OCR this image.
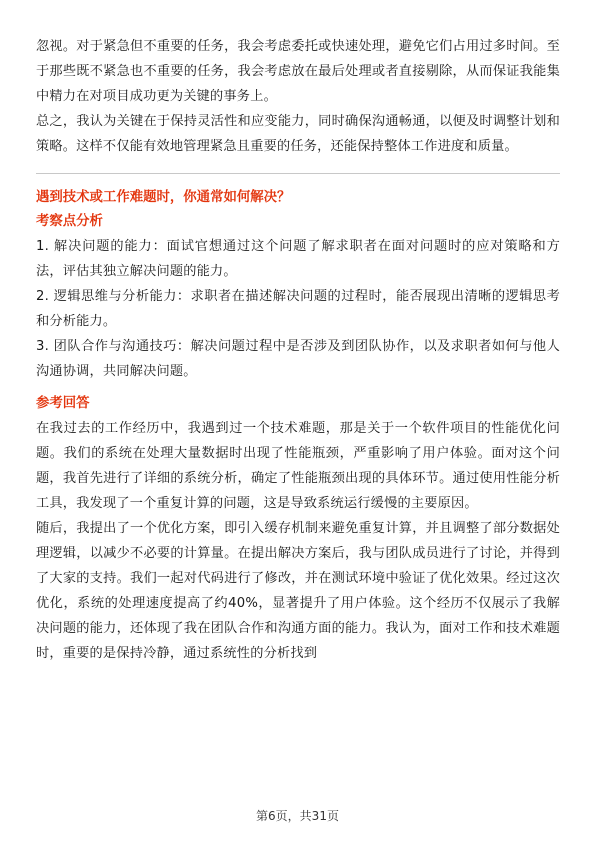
忽视。对于紧急但不重要的任务，我会考虑委托或快速处理，避免它们占用过多时间。至于那些既不紧急也不重要的任务，我会考虑放在最后处理或者直接剔除，从而保证我能集中精力在对项目成功更为关键的事务上。

总之，我认为关键在于保持灵活性和应变能力，同时确保沟通畅通，以便及时调整计划和策略。这样不仅能有效地管理紧急且重要的任务，还能保持整体工作进度和质量。

遇到技术或工作难题时，你通常如何解决？

考察点分析

1. 解决问题的能力：面试官想通过这个问题了解求职者在面对问题时的应对策略和方法，评估其独立解决问题的能力。

2. 逻辑思维与分析能力：求职者在描述解决问题的过程时，能否展现出清晰的逻辑思考和分析能力。

3. 团队合作与沟通技巧：解决问题过程中是否涉及到团队协作，以及求职者如何与他人沟通协调，共同解决问题。

参考回答

在我过去的工作经历中，我遇到过一个技术难题，那是关于一个软件项目的性能优化问题。我们的系统在处理大量数据时出现了性能瓶颈，严重影响了用户体验。面对这个问题，我首先进行了详细的系统分析，确定了性能瓶颈出现的具体环节。通过使用性能分析工具，我发现了一个重复计算的问题，这是导致系统运行缓慢的主要原因。

随后，我提出了一个优化方案，即引入缓存机制来避免重复计算，并且调整了部分数据处理逻辑，以减少不必要的计算量。在提出解决方案后，我与团队成员进行了讨论，并得到了大家的支持。我们一起对代码进行了修改，并在测试环境中验证了优化效果。经过这次优化，系统的处理速度提高了约40%，显著提升了用户体验。这个经历不仅展示了我解决问题的能力，还体现了我在团队合作和沟通方面的能力。我认为，面对工作和技术难题时，重要的是保持冷静，通过系统性的分析找到

第6页，共31页
